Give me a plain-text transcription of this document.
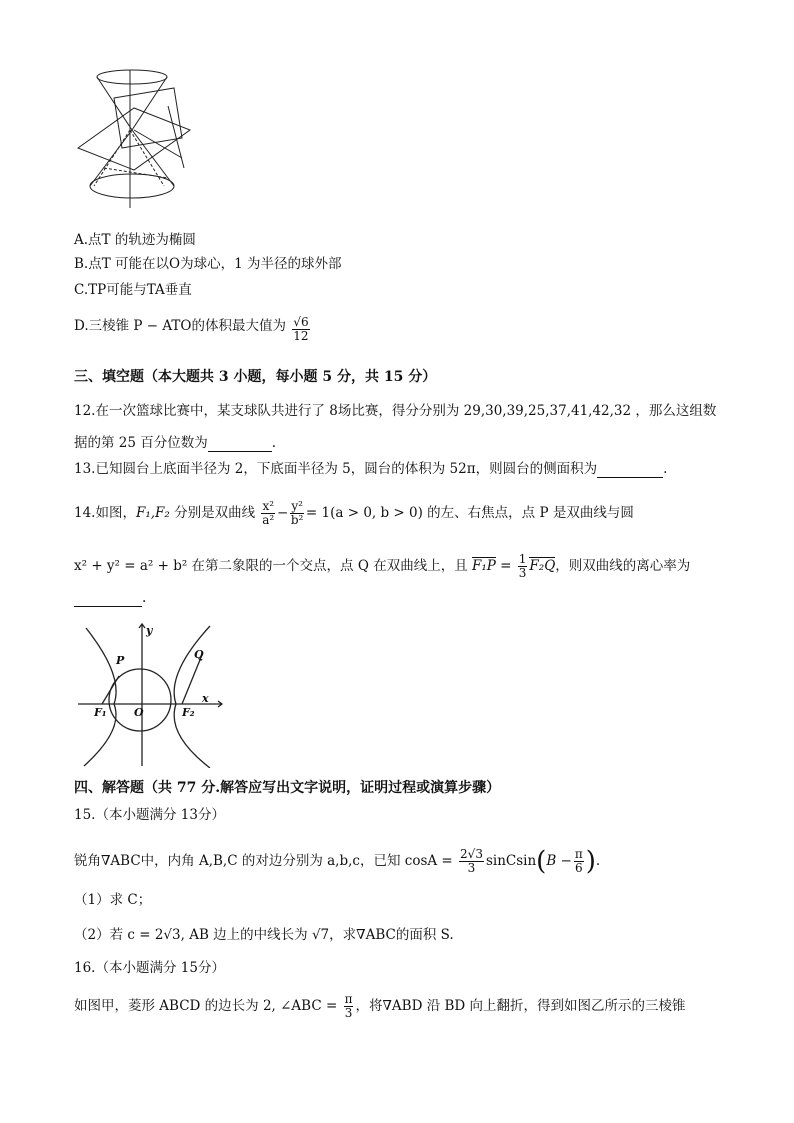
A.点T 的轨迹为椭圆
B.点T 可能在以O为球心，1 为半径的球外部
C.TP可能与TA垂直
D.三棱锥 P − ATO的体积最大值为 $\frac{√6}{12}$
三、填空题（本大题共 3 小题，每小题 5 分，共 15 分）
12.在一次篮球比赛中，某支球队共进行了 8场比赛，得分分别为 29,30,39,25,37,41,42,32 ，那么这组数
据的第 25 百分位数为	.
13.已知圆台上底面半径为 2，下底面半径为 5，圆台的体积为 52π，则圆台的侧面积为	.
14.如图，F₁,F₂ 分别是双曲线 $\frac{\text{x²}}{\text{a²}} - \frac{\text{y²}}{\text{b²}} = 1(a > 0$, b > 0) 的左、右焦点，点 P 是双曲线与圆
x² + y² = a² + b² 在第二象限的一个交点，点 Q 在双曲线上，且 $F_1P = \frac{1}{3} F_2Q$，则双曲线的离心率为
.
y
P	Q
O
F₁	F₂
x
四、解答题（共 77 分.解答应写出文字说明，证明过程或演算步骤）
15.（本小题满分 13分）
锐角∇ABC中，内角 A,B,C 的对边分别为 a,b,c，已知 $\cos A = \frac{2√3}{3}$ sinCsin(B − $\frac{\pi}{6}$ ).
（1）求 C；
（2）若 c = 2√3, AB 边上的中线长为 √7，求∇ABC的面积 S.
16.（本小题满分 15分）
如图甲，菱形 ABCD 的边长为 2, ∠ABC = $\frac{\pi}{3}$ ，将∇ABD 沿 BD 向上翻折，得到如图乙所示的三棱锥
